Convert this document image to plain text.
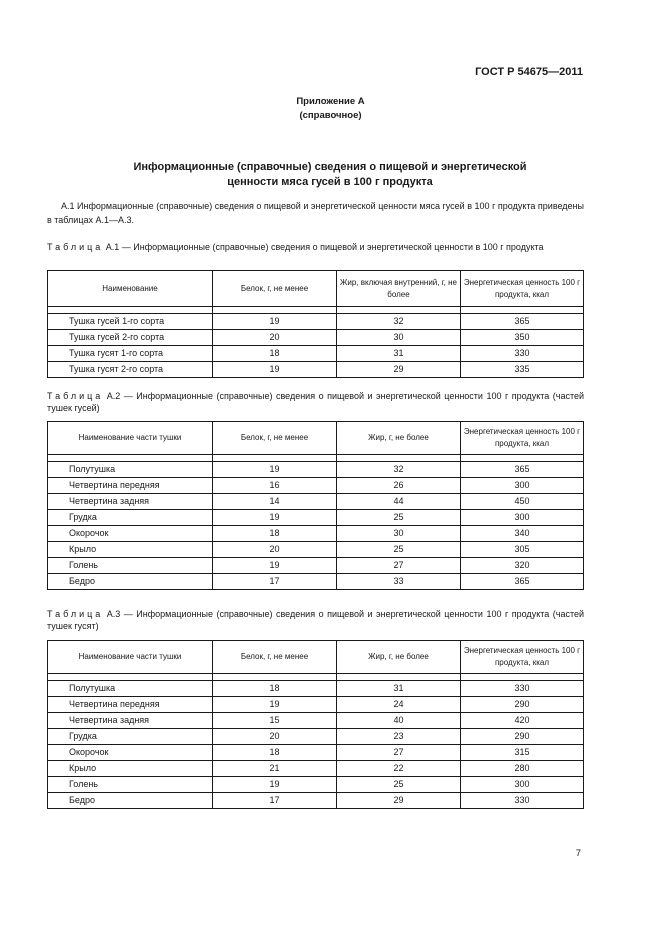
ГОСТ Р 54675—2011
Приложение А
(справочное)
Информационные (справочные) сведения о пищевой и энергетической
ценности мяса гусей в 100 г продукта
А.1 Информационные (справочные) сведения о пищевой и энергетической ценности мяса гусей в 100 г продукта приведены в таблицах А.1—А.3.
Таблица А.1 — Информационные (справочные) сведения о пищевой и энергетической ценности в 100 г продукта
Наименование	Белок, г, не менее	Жир, включая внутренний, г, не более	Энергетическая ценность 100 г продукта, ккал

Тушка гусей 1-го сорта	19	32	365
Тушка гусей 2-го сорта	20	30	350
Тушка гусят 1-го сорта	18	31	330
Тушка гусят 2-го сорта	19	29	335
Таблица А.2 — Информационные (справочные) сведения о пищевой и энергетической ценности 100 г продукта (частей тушек гусей)
Наименование части тушки	Белок, г, не менее	Жир, г, не более	Энергетическая ценность 100 г продукта, ккал

Полутушка	19	32	365
Четвертина передняя	16	26	300
Четвертина задняя	14	44	450
Грудка	19	25	300
Окорочок	18	30	340
Крыло	20	25	305
Голень	19	27	320
Бедро	17	33	365
Таблица А.3 — Информационные (справочные) сведения о пищевой и энергетической ценности 100 г продукта (частей тушек гусят)
Наименование части тушки	Белок, г, не менее	Жир, г, не более	Энергетическая ценность 100 г продукта, ккал

Полутушка	18	31	330
Четвертина передняя	19	24	290
Четвертина задняя	15	40	420
Грудка	20	23	290
Окорочок	18	27	315
Крыло	21	22	280
Голень	19	25	300
Бедро	17	29	330
7
